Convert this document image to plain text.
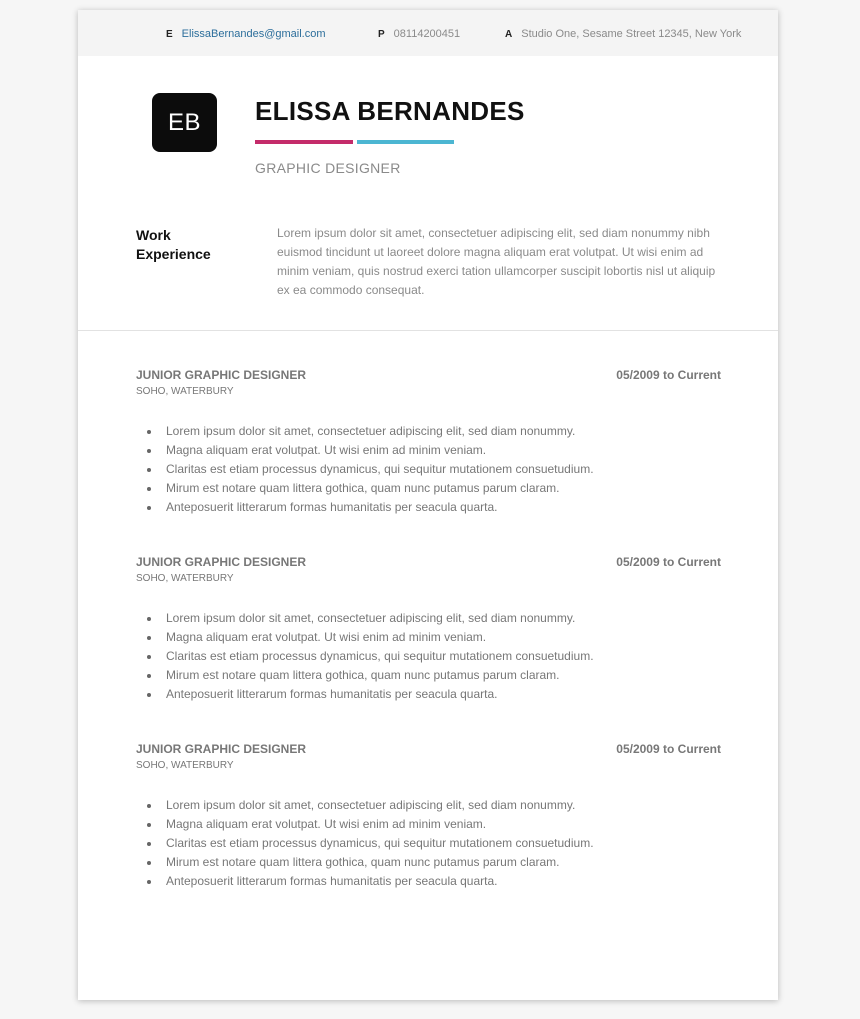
E ElissaBernandes@gmail.com	P 08114200451	A Studio One, Sesame Street 12345, New York
EB	ELISSA BERNANDES
GRAPHIC DESIGNER
Work Experience

Lorem ipsum dolor sit amet, consectetuer adipiscing elit, sed diam nonummy nibh euismod tincidunt ut laoreet dolore magna aliquam erat volutpat. Ut wisi enim ad minim veniam, quis nostrud exerci tation ullamcorper suscipit lobortis nisl ut aliquip ex ea commodo consequat.

JUNIOR GRAPHIC DESIGNER	05/2009 to Current
SOHO, WATERBURY
Lorem ipsum dolor sit amet, consectetuer adipiscing elit, sed diam nonummy.
Magna aliquam erat volutpat. Ut wisi enim ad minim veniam.
Claritas est etiam processus dynamicus, qui sequitur mutationem consuetudium.
Mirum est notare quam littera gothica, quam nunc putamus parum claram.
Anteposuerit litterarum formas humanitatis per seacula quarta.
JUNIOR GRAPHIC DESIGNER	05/2009 to Current
SOHO, WATERBURY
Lorem ipsum dolor sit amet, consectetuer adipiscing elit, sed diam nonummy.
Magna aliquam erat volutpat. Ut wisi enim ad minim veniam.
Claritas est etiam processus dynamicus, qui sequitur mutationem consuetudium.
Mirum est notare quam littera gothica, quam nunc putamus parum claram.
Anteposuerit litterarum formas humanitatis per seacula quarta.
JUNIOR GRAPHIC DESIGNER	05/2009 to Current
SOHO, WATERBURY
Lorem ipsum dolor sit amet, consectetuer adipiscing elit, sed diam nonummy.
Magna aliquam erat volutpat. Ut wisi enim ad minim veniam.
Claritas est etiam processus dynamicus, qui sequitur mutationem consuetudium.
Mirum est notare quam littera gothica, quam nunc putamus parum claram.
Anteposuerit litterarum formas humanitatis per seacula quarta.
